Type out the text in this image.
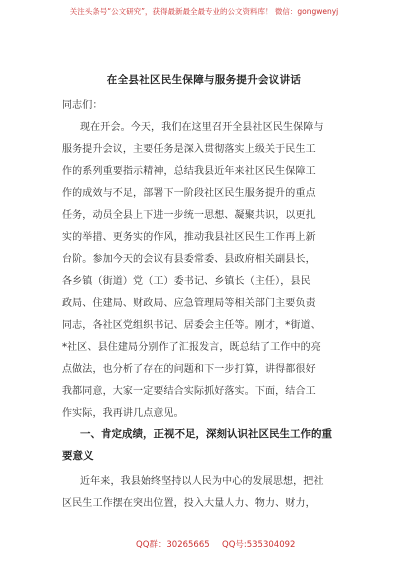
关注头条号“公文研究”，获得最新最全最专业的公文资料库！ 微信：gongwenyj
在全县社区民生保障与服务提升会议讲话
同志们：
现在开会。今天，我们在这里召开全县社区民生保障与
服务提升会议，主要任务是深入贯彻落实上级关于民生工
作的系列重要指示精神，总结我县近年来社区民生保障工
作的成效与不足，部署下一阶段社区民生服务提升的重点
任务，动员全县上下进一步统一思想、凝聚共识，以更扎
实的举措、更务实的作风，推动我县社区民生工作再上新
台阶。参加今天的会议有县委常委、县政府相关副县长，
各乡镇（街道）党（工）委书记、乡镇长（主任），县民
政局、住建局、财政局、应急管理局等相关部门主要负责
同志，各社区党组织书记、居委会主任等。刚才，*街道、
*社区、县住建局分别作了汇报发言，既总结了工作中的亮
点做法，也分析了存在的问题和下一步打算，讲得都很好
我都同意，大家一定要结合实际抓好落实。下面，结合工
作实际，我再讲几点意见。
一、肯定成绩，正视不足，深刻认识社区民生工作的重
要意义
近年来，我县始终坚持以人民为中心的发展思想，把社
区民生工作摆在突出位置，投入大量人力、物力、财力，
QQ群：30265665 QQ号:535304092
